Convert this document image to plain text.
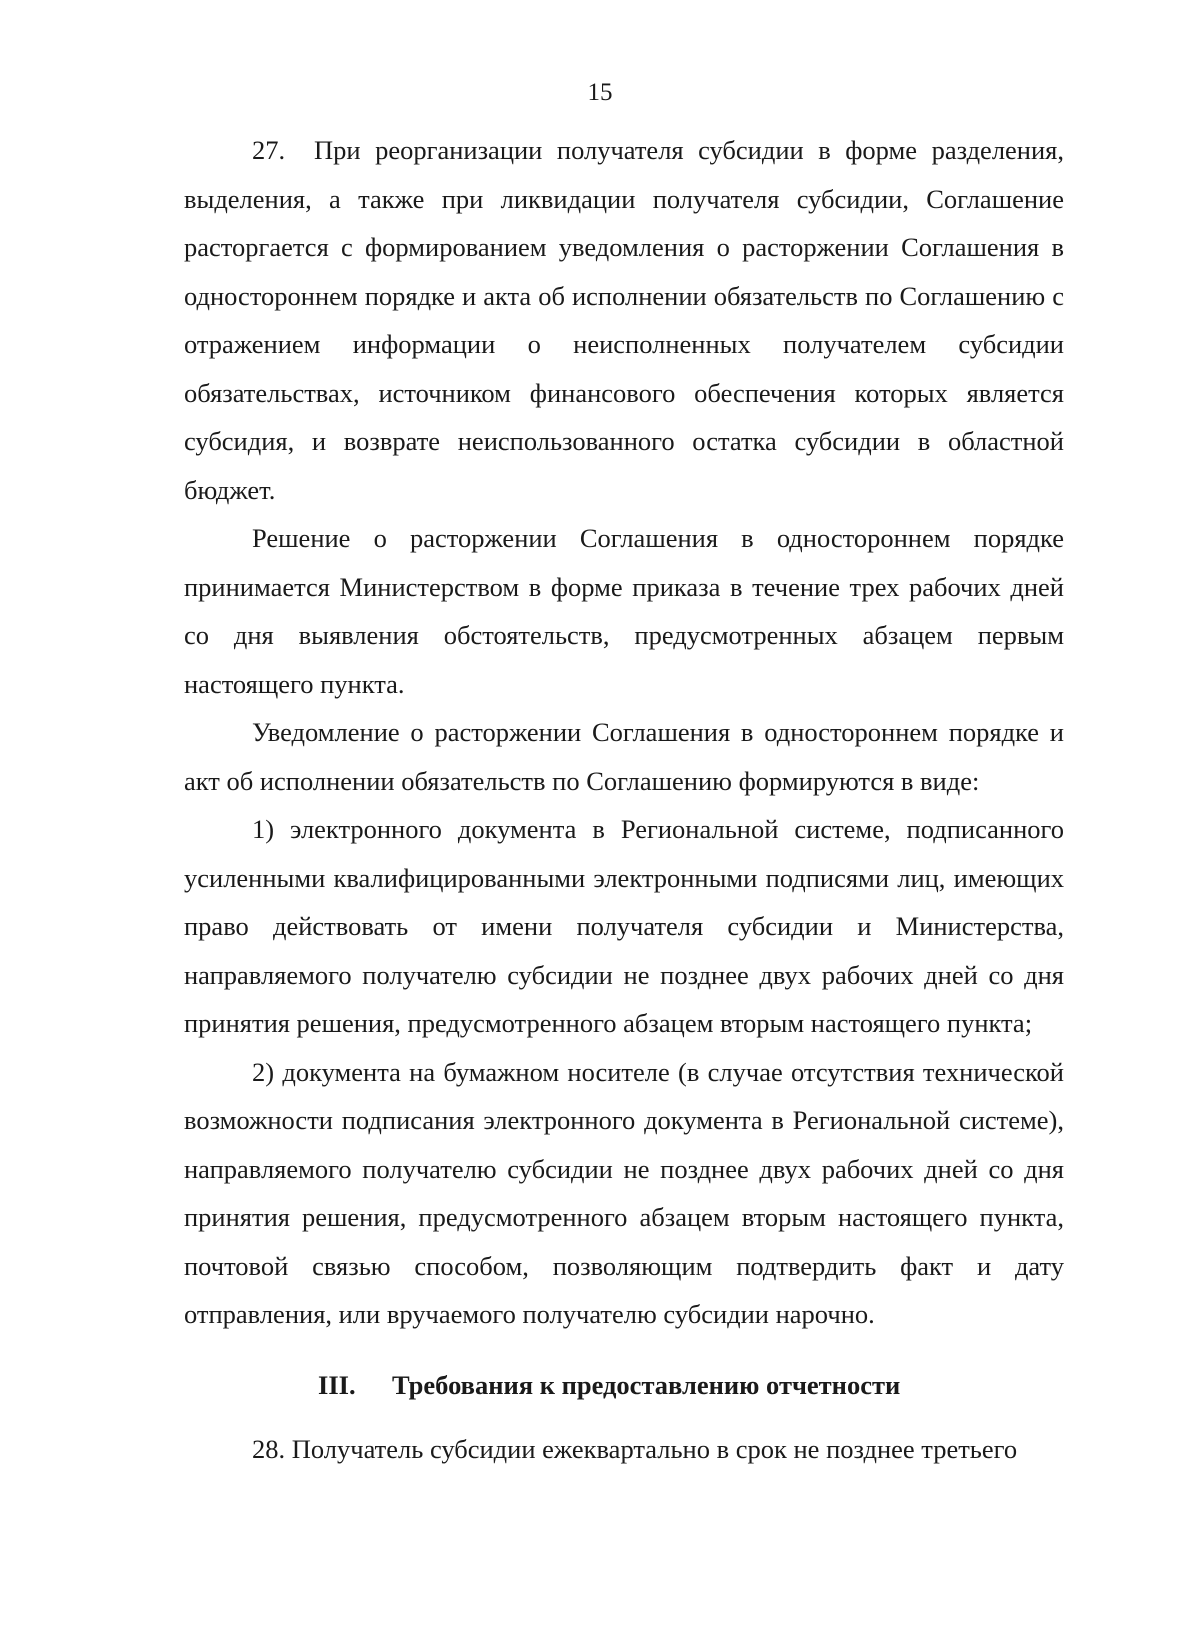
15

27. При реорганизации получателя субсидии в форме разделения, выделения, а также при ликвидации получателя субсидии, Соглашение расторгается с формированием уведомления о расторжении Соглашения в одностороннем порядке и акта об исполнении обязательств по Соглашению с отражением информации о неисполненных получателем субсидии обязательствах, источником финансового обеспечения которых является субсидия, и возврате неиспользованного остатка субсидии в областной бюджет.

Решение о расторжении Соглашения в одностороннем порядке принимается Министерством в форме приказа в течение трех рабочих дней со дня выявления обстоятельств, предусмотренных абзацем первым настоящего пункта.

Уведомление о расторжении Соглашения в одностороннем порядке и акт об исполнении обязательств по Соглашению формируются в виде:

1) электронного документа в Региональной системе, подписанного усиленными квалифицированными электронными подписями лиц, имеющих право действовать от имени получателя субсидии и Министерства, направляемого получателю субсидии не позднее двух рабочих дней со дня принятия решения, предусмотренного абзацем вторым настоящего пункта;

2) документа на бумажном носителе (в случае отсутствия технической возможности подписания электронного документа в Региональной системе), направляемого получателю субсидии не позднее двух рабочих дней со дня принятия решения, предусмотренного абзацем вторым настоящего пункта, почтовой связью способом, позволяющим подтвердить факт и дату отправления, или вручаемого получателю субсидии нарочно.

III. Требования к предоставлению отчетности

28. Получатель субсидии ежеквартально в срок не позднее третьего
